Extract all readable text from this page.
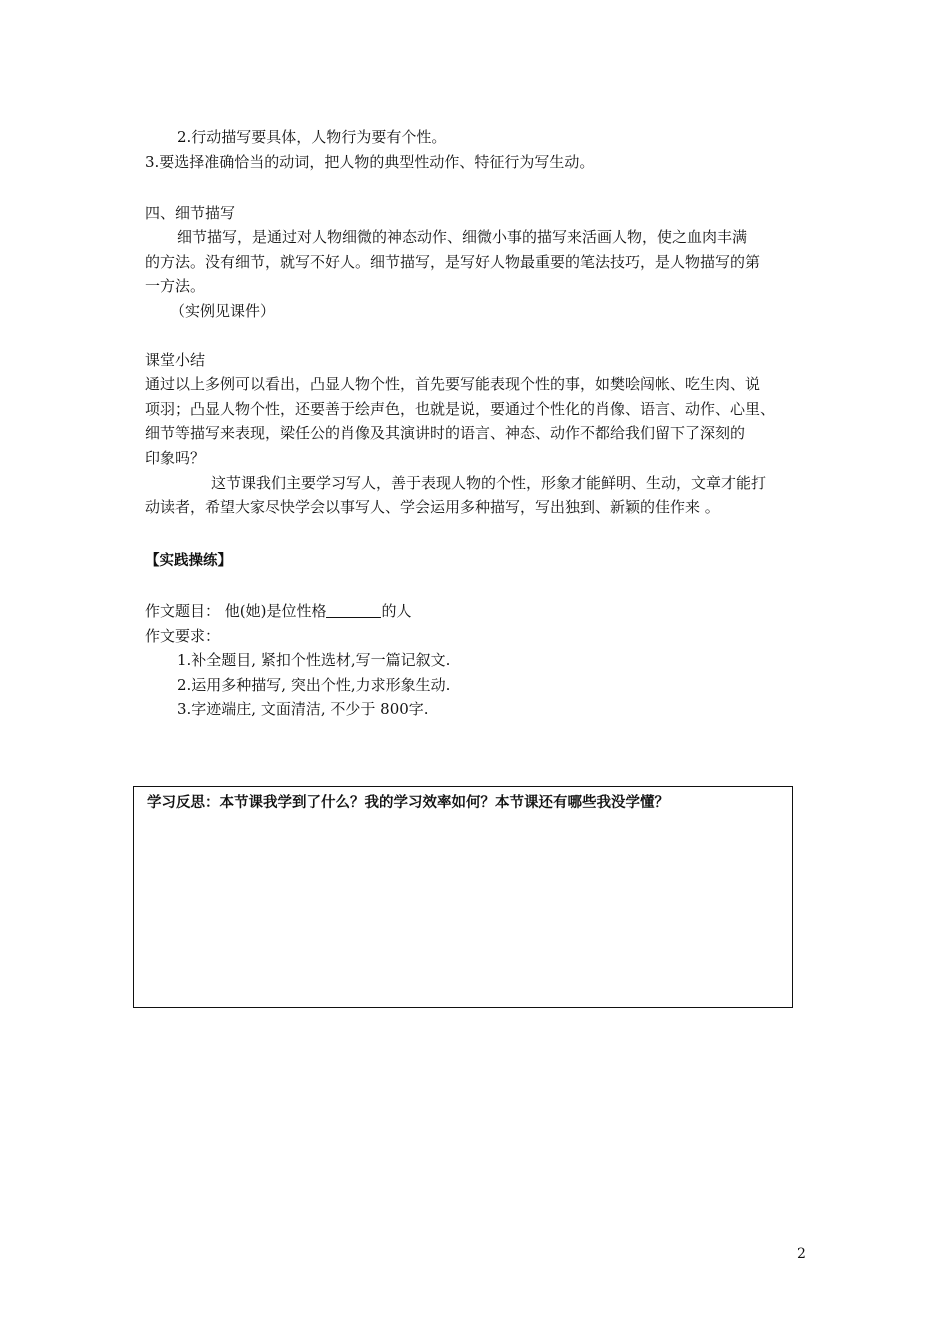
2.行动描写要具体，人物行为要有个性。
3.要选择准确恰当的动词，把人物的典型性动作、特征行为写生动。
四、细节描写
细节描写，是通过对人物细微的神态动作、细微小事的描写来活画人物，使之血肉丰满
的方法。没有细节，就写不好人。细节描写，是写好人物最重要的笔法技巧，是人物描写的第
一方法。
（实例见课件）
课堂小结
通过以上多例可以看出，凸显人物个性，首先要写能表现个性的事，如樊哙闯帐、吃生肉、说
项羽；凸显人物个性，还要善于绘声色，也就是说，要通过个性化的肖像、语言、动作、心里、
细节等描写来表现，梁任公的肖像及其演讲时的语言、神态、动作不都给我们留下了深刻的
印象吗？
这节课我们主要学习写人，善于表现人物的个性，形象才能鲜明、生动，文章才能打
动读者，希望大家尽快学会以事写人、学会运用多种描写，写出独到、新颖的佳作来 。
【实践操练】
作文题目： 他(她)是位性格	的人
作文要求：
1.补全题目, 紧扣个性选材,写一篇记叙文.
2.运用多种描写, 突出个性,力求形象生动.
3.字迹端庄, 文面清洁, 不少于 800字.
学习反思：本节课我学到了什么？我的学习效率如何？本节课还有哪些我没学懂？
2
